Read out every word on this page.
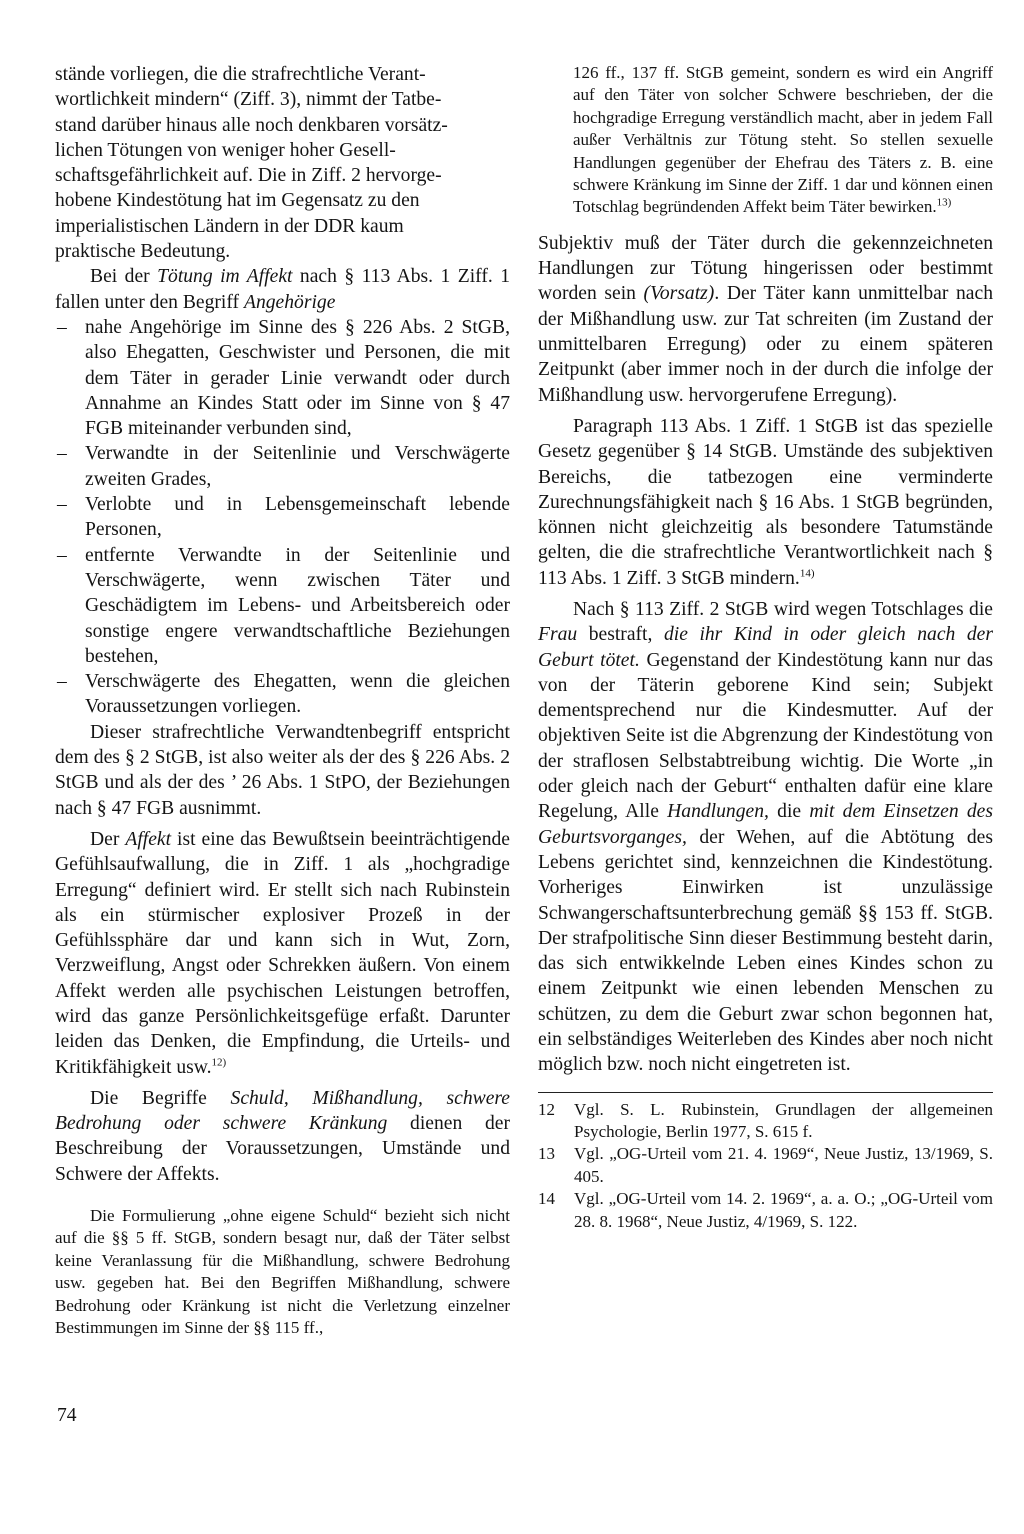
stände vorliegen, die die strafrechtliche Verant-
wortlichkeit mindern“ (Ziff. 3), nimmt der Tatbe-
stand darüber hinaus alle noch denkbaren vorsätz-
lichen Tötungen von weniger hoher Gesell-
schaftsgefährlichkeit auf. Die in Ziff. 2 hervorge-
hobene Kindestötung hat im Gegensatz zu den
imperialistischen Ländern in der DDR kaum
praktische Bedeutung.

Bei der Tötung im Affekt nach § 113 Abs. 1 Ziff. 1 fallen unter den Begriff Angehörige

– nahe Angehörige im Sinne des § 226 Abs. 2 StGB, also Ehegatten, Geschwister und Personen, die mit dem Täter in gerader Linie verwandt oder durch Annahme an Kindes Statt oder im Sinne von § 47 FGB miteinander verbunden sind,
– Verwandte in der Seitenlinie und Verschwägerte zweiten Grades,
– Verlobte und in Lebensgemeinschaft lebende Personen,
– entfernte Verwandte in der Seitenlinie und Verschwägerte, wenn zwischen Täter und Geschädigtem im Lebens- und Arbeitsbereich oder sonstige engere verwandtschaftliche Beziehungen bestehen,
– Verschwägerte des Ehegatten, wenn die gleichen Voraussetzungen vorliegen.

Dieser strafrechtliche Verwandtenbegriff entspricht dem des § 2 StGB, ist also weiter als der des § 226 Abs. 2 StGB und als der des ’ 26 Abs. 1 StPO, der Beziehungen nach § 47 FGB ausnimmt.

Der Affekt ist eine das Bewußtsein beeinträchtigende Gefühlsaufwallung, die in Ziff. 1 als „hochgradige Erregung“ definiert wird. Er stellt sich nach Rubinstein als ein stürmischer explosiver Prozeß in der Gefühlssphäre dar und kann sich in Wut, Zorn, Verzweiflung, Angst oder Schrekken äußern. Von einem Affekt werden alle psychischen Leistungen betroffen, wird das ganze Persönlichkeitsgefüge erfaßt. Darunter leiden das Denken, die Empfindung, die Urteils- und Kritikfähigkeit usw.$^{12)}$

Die Begriffe Schuld, Mißhandlung, schwere Bedrohung oder schwere Kränkung dienen der Beschreibung der Voraussetzungen, Umstände und Schwere der Affekts.

Die Formulierung „ohne eigene Schuld“ bezieht sich nicht auf die §§ 5 ff. StGB, sondern besagt nur, daß der Täter selbst keine Veranlassung für die Mißhandlung, schwere Bedrohung usw. gegeben hat. Bei den Begriffen Mißhandlung, schwere Bedrohung oder Kränkung ist nicht die Verletzung einzelner Bestimmungen im Sinne der §§ 115 ff.,

126 ff., 137 ff. StGB gemeint, sondern es wird ein Angriff auf den Täter von solcher Schwere beschrieben, der die hochgradige Erregung verständlich macht, aber in jedem Fall außer Verhältnis zur Tötung steht. So stellen sexuelle Handlungen gegenüber der Ehefrau des Täters z. B. eine schwere Kränkung im Sinne der Ziff. 1 dar und können einen Totschlag begründenden Affekt beim Täter bewirken.$^{13)}$

Subjektiv muß der Täter durch die gekennzeichneten Handlungen zur Tötung hingerissen oder bestimmt worden sein (Vorsatz). Der Täter kann unmittelbar nach der Mißhandlung usw. zur Tat schreiten (im Zustand der unmittelbaren Erregung) oder zu einem späteren Zeitpunkt (aber immer noch in der durch die infolge der Mißhandlung usw. hervorgerufene Erregung).

Paragraph 113 Abs. 1 Ziff. 1 StGB ist das spezielle Gesetz gegenüber § 14 StGB. Umstände des subjektiven Bereichs, die tatbezogen eine verminderte Zurechnungsfähigkeit nach § 16 Abs. 1 StGB begründen, können nicht gleichzeitig als besondere Tatumstände gelten, die die strafrechtliche Verantwortlichkeit nach § 113 Abs. 1 Ziff. 3 StGB mindern.$^{14)}$

Nach § 113 Ziff. 2 StGB wird wegen Totschlages die Frau bestraft, die ihr Kind in oder gleich nach der Geburt tötet. Gegenstand der Kindestötung kann nur das von der Täterin geborene Kind sein; Subjekt dementsprechend nur die Kindesmutter. Auf der objektiven Seite ist die Abgrenzung der Kindestötung von der straflosen Selbstabtreibung wichtig. Die Worte „in oder gleich nach der Geburt“ enthalten dafür eine klare Regelung, Alle Handlungen, die mit dem Einsetzen des Geburtsvorganges, der Wehen, auf die Abtötung des Lebens gerichtet sind, kennzeichnen die Kindestötung. Vorheriges Einwirken ist unzulässige Schwangerschaftsunterbrechung gemäß §§ 153 ff. StGB. Der strafpolitische Sinn dieser Bestimmung besteht darin, das sich entwikkelnde Leben eines Kindes schon zu einem Zeitpunkt wie einen lebenden Menschen zu schützen, zu dem die Geburt zwar schon begonnen hat, ein selbständiges Weiterleben des Kindes aber noch nicht möglich bzw. noch nicht eingetreten ist.

12	Vgl. S. L. Rubinstein, Grundlagen der allgemeinen Psychologie, Berlin 1977, S. 615 f.
13	Vgl. „OG-Urteil vom 21. 4. 1969“, Neue Justiz, 13/1969, S. 405.
14	Vgl. „OG-Urteil vom 14. 2. 1969“, a. a. O.; „OG-Urteil vom 28. 8. 1968“, Neue Justiz, 4/1969, S. 122.
74
